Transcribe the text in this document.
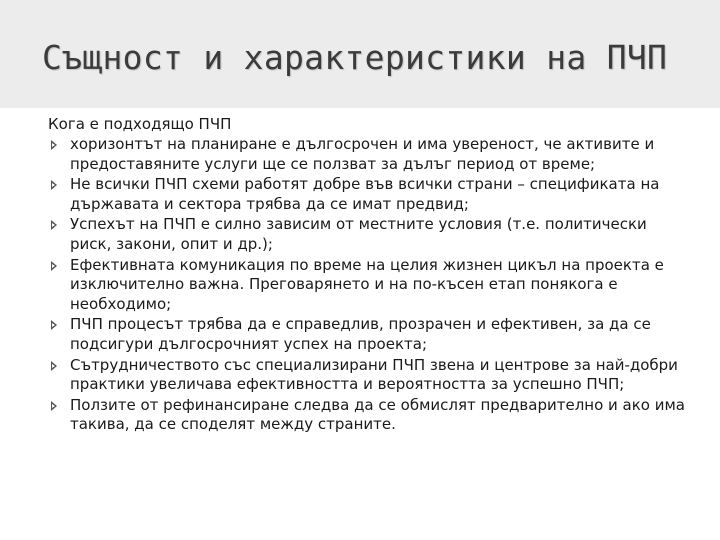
Същност и характеристики на ПЧП
Кога е подходящо ПЧП
хоризонтът на планиране е дългосрочен и има увереност, че активите и предоставяните услуги ще се ползват за дълъг период от време;
Не всички ПЧП схеми работят добре във всички страни – спецификата на държавата и сектора трябва да се имат предвид;
Успехът на ПЧП е силно зависим от местните условия (т.е. политически риск, закони, опит и др.);
Ефективната комуникация по време на целия жизнен цикъл на проекта е изключително важна. Преговарянето и на по-късен етап понякога е необходимо;
ПЧП процесът трябва да е справедлив, прозрачен и ефективен, за да се подсигури дългосрочният успех на проекта;
Сътрудничеството със специализирани ПЧП звена и центрове за най-добри практики увеличава ефективността и вероятността за успешно ПЧП;
Ползите от рефинансиране следва да се обмислят предварително и ако има такива, да се споделят между страните.
